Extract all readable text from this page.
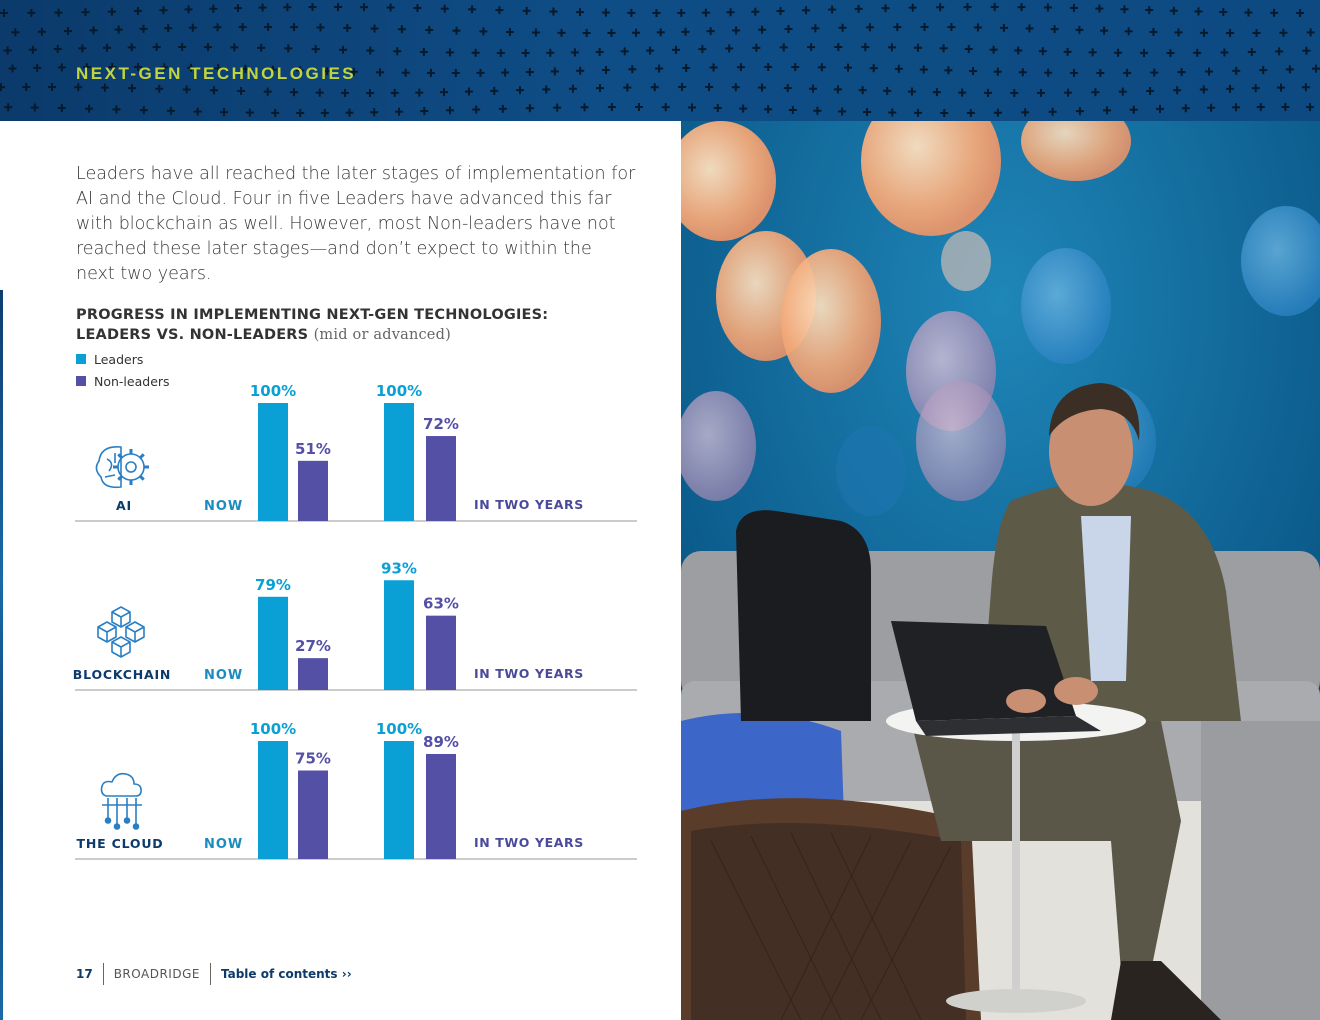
NEXT-GEN TECHNOLOGIES
Leaders have all reached the later stages of implementation for AI and the Cloud. Four in five Leaders have advanced this far with blockchain as well. However, most Non-leaders have not reached these later stages—and don’t expect to within the next two years.
PROGRESS IN IMPLEMENTING NEXT-GEN TECHNOLOGIES:
LEADERS VS. NON-LEADERS (mid or advanced)
Leaders
Non-leaders
100%
51%
100%
72%
NOW	IN TWO YEARS
AI
79%
27%
93%
63%
NOW	IN TWO YEARS
BLOCKCHAIN
100%
75%
100%
89%
NOW	IN TWO YEARS
THE CLOUD
17 BROADRIDGE Table of contents ››
